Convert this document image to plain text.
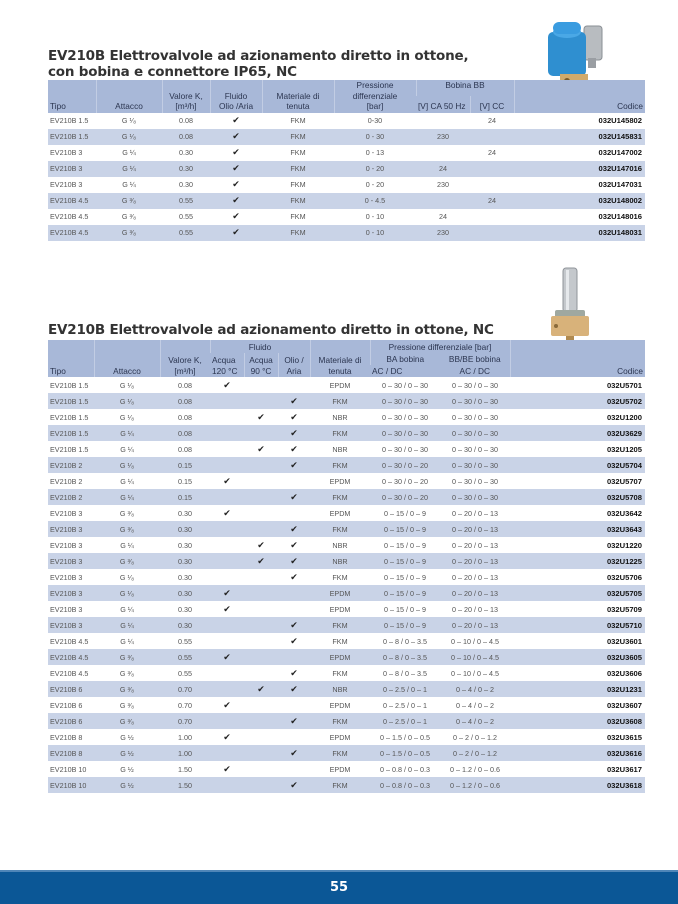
EV210B Elettrovalvole ad azionamento diretto in ottone,
con bobina e connettore IP65, NC
Tipo	Attacco	Valore K,
[m³/h]	Fluido
Olio /Aria	Materiale di
tenuta	Pressione differenziale
[bar]	Bobina BB		Codice
						[V] CA 50 Hz	[V] CC	
EV210B 1.5	G ¹⁄₈	0.08	✔	FKM	0-30		24	032U145802
EV210B 1.5	G ¹⁄₈	0.08	✔	FKM	0 - 30	230		032U145831
EV210B 3	G ¼	0.30	✔	FKM	0 - 13		24	032U147002
EV210B 3	G ¼	0.30	✔	FKM	0 - 20	24		032U147016
EV210B 3	G ¼	0.30	✔	FKM	0 - 20	230		032U147031
EV210B 4.5	G ³⁄₈	0.55	✔	FKM	0 - 4.5		24	032U148002
EV210B 4.5	G ³⁄₈	0.55	✔	FKM	0 - 10	24		032U148016
EV210B 4.5	G ³⁄₈	0.55	✔	FKM	0 - 10	230		032U148031
EV210B Elettrovalvole ad azionamento diretto in ottone, NC
Tipo	Attacco	Valore K,
[m³/h]	Fluido			Materiale di
tenuta	Pressione differenziale [bar]		Codice
			Acqua
120 °C	Acqua
90 °C	Olio /
Aria		BA bobina	BB/BE bobina	
							AC / DC	AC / DC	
EV210B 1.5	G ¹⁄₈	0.08	✔			EPDM	0 – 30 / 0 – 30	0 – 30 / 0 – 30	032U5701
EV210B 1.5	G ¹⁄₈	0.08			✔	FKM	0 – 30 / 0 – 30	0 – 30 / 0 – 30	032U5702
EV210B 1.5	G ¹⁄₈	0.08		✔	✔	NBR	0 – 30 / 0 – 30	0 – 30 / 0 – 30	032U1200
EV210B 1.5	G ¼	0.08			✔	FKM	0 – 30 / 0 – 30	0 – 30 / 0 – 30	032U3629
EV210B 1.5	G ¼	0.08		✔	✔	NBR	0 – 30 / 0 – 30	0 – 30 / 0 – 30	032U1205
EV210B 2	G ¹⁄₈	0.15			✔	FKM	0 – 30 / 0 – 20	0 – 30 / 0 – 30	032U5704
EV210B 2	G ¼	0.15	✔			EPDM	0 – 30 / 0 – 20	0 – 30 / 0 – 30	032U5707
EV210B 2	G ¼	0.15			✔	FKM	0 – 30 / 0 – 20	0 – 30 / 0 – 30	032U5708
EV210B 3	G ³⁄₈	0.30	✔			EPDM	0 – 15 / 0 – 9	0 – 20 / 0 – 13	032U3642
EV210B 3	G ³⁄₈	0.30			✔	FKM	0 – 15 / 0 – 9	0 – 20 / 0 – 13	032U3643
EV210B 3	G ¼	0.30		✔	✔	NBR	0 – 15 / 0 – 9	0 – 20 / 0 – 13	032U1220
EV210B 3	G ³⁄₈	0.30		✔	✔	NBR	0 – 15 / 0 – 9	0 – 20 / 0 – 13	032U1225
EV210B 3	G ¹⁄₈	0.30			✔	FKM	0 – 15 / 0 – 9	0 – 20 / 0 – 13	032U5706
EV210B 3	G ¹⁄₈	0.30	✔			EPDM	0 – 15 / 0 – 9	0 – 20 / 0 – 13	032U5705
EV210B 3	G ¼	0.30	✔			EPDM	0 – 15 / 0 – 9	0 – 20 / 0 – 13	032U5709
EV210B 3	G ¼	0.30			✔	FKM	0 – 15 / 0 – 9	0 – 20 / 0 – 13	032U5710
EV210B 4.5	G ¼	0.55			✔	FKM	0 – 8 / 0 – 3.5	0 – 10 / 0 – 4.5	032U3601
EV210B 4.5	G ³⁄₈	0.55	✔			EPDM	0 – 8 / 0 – 3.5	0 – 10 / 0 – 4.5	032U3605
EV210B 4.5	G ³⁄₈	0.55			✔	FKM	0 – 8 / 0 – 3.5	0 – 10 / 0 – 4.5	032U3606
EV210B 6	G ³⁄₈	0.70		✔	✔	NBR	0 – 2.5 / 0 – 1	0 – 4 / 0 – 2	032U1231
EV210B 6	G ³⁄₈	0.70	✔			EPDM	0 – 2.5 / 0 – 1	0 – 4 / 0 – 2	032U3607
EV210B 6	G ³⁄₈	0.70			✔	FKM	0 – 2.5 / 0 – 1	0 – 4 / 0 – 2	032U3608
EV210B 8	G ½	1.00	✔			EPDM	0 – 1.5 / 0 – 0.5	0 – 2 / 0 – 1.2	032U3615
EV210B 8	G ½	1.00			✔	FKM	0 – 1.5 / 0 – 0.5	0 – 2 / 0 – 1.2	032U3616
EV210B 10	G ½	1.50	✔			EPDM	0 – 0.8 / 0 – 0.3	0 – 1.2 / 0 – 0.6	032U3617
EV210B 10	G ½	1.50			✔	FKM	0 – 0.8 / 0 – 0.3	0 – 1.2 / 0 – 0.6	032U3618
55
